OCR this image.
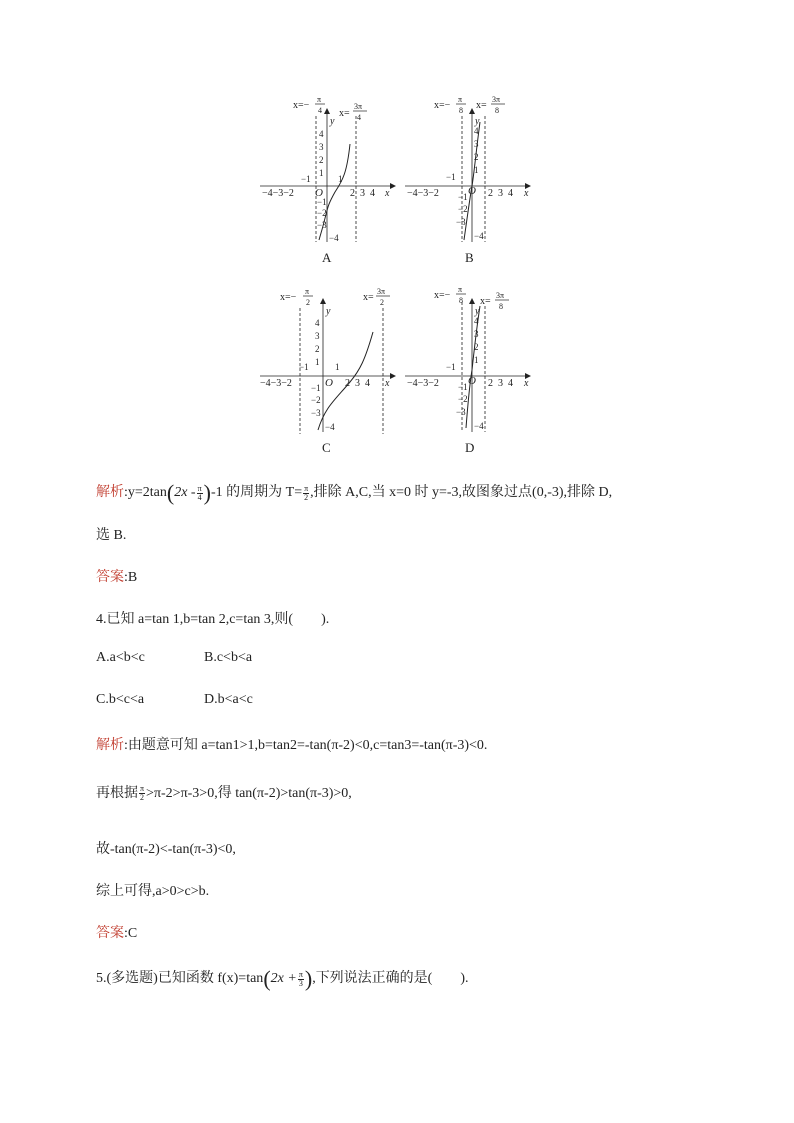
x=−
π
4 x=
3π
4
−4−3−2	2  3  4 x
y
O
4
3
2
1
−1
−2
−3
−4
−1	1
A
x=−
π
8 x=
3π
8
−4−3−2	2  3  4 x
y
O
4
3
2
1
−1
−2
−3
−4
−1
B
x=−
π
2	x=
3π
2
−4−3−2	2  3  4 x
y
O
4
3
2
1
−1
−2
−3
−4
−1	1
C
x=−
π
8 x=
3π
8
−4−3−2	2  3  4 x
y
O
4
3
2
1
−1
−2
−3
−4
−1
D
解析:y=2tan(2x - $\frac{\pi}{4} )-1$ 的周期为 $T= \frac{\pi}{2}$ ,排除 A,C,当 x=0 时 y=-3,故图象过点(0,-3),排除 D,
选 B.
答案:B
4.已知 a=tan 1,b=tan 2,c=tan 3,则(　　).
A.a<b<c	B.c<b<a
C.b<c<a	D.b<a<c
解析:由题意可知 a=tan1>1,b=tan2=-tan(π-2)<0,c=tan3=-tan(π-3)<0.
再根据 $\frac{\pi}{2} >\pi-2>\pi-3>0$,得 tan(π-2)>tan(π-3)>0,
故-tan(π-2)<-tan(π-3)<0,
综上可得,a>0>c>b.
答案:C
5.(多选题)已知函数 $f(x)=\tan(2x + \frac{\pi}{3}$ ),下列说法正确的是(　　).
